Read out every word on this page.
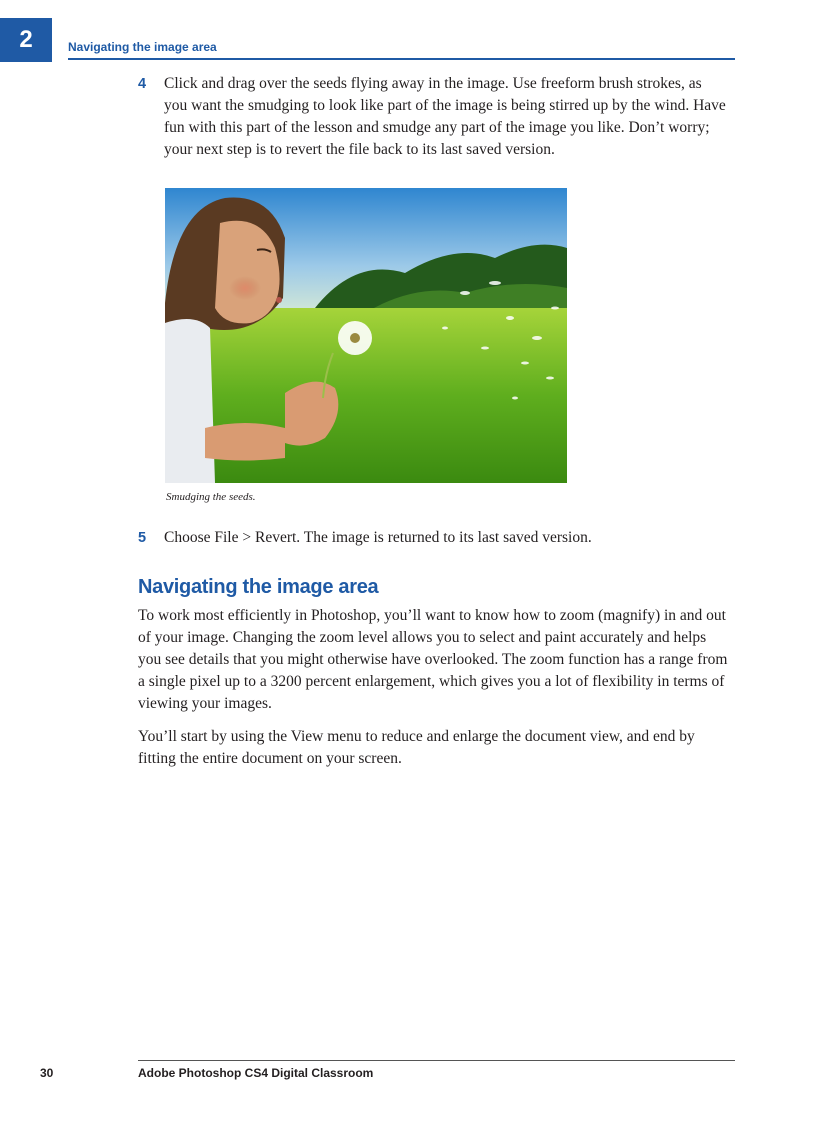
2	Navigating the image area
4	Click and drag over the seeds flying away in the image. Use freeform brush strokes, as you want the smudging to look like part of the image is being stirred up by the wind. Have fun with this part of the lesson and smudge any part of the image you like. Don’t worry; your next step is to revert the file back to its last saved version.
Smudging the seeds.
5	Choose File > Revert. The image is returned to its last saved version.
Navigating the image area

To work most efficiently in Photoshop, you’ll want to know how to zoom (magnify) in and out of your image. Changing the zoom level allows you to select and paint accurately and helps you see details that you might otherwise have overlooked. The zoom function has a range from a single pixel up to a 3200 percent enlargement, which gives you a lot of flexibility in terms of viewing your images.

You’ll start by using the View menu to reduce and enlarge the document view, and end by fitting the entire document on your screen.

30	Adobe Photoshop CS4 Digital Classroom
